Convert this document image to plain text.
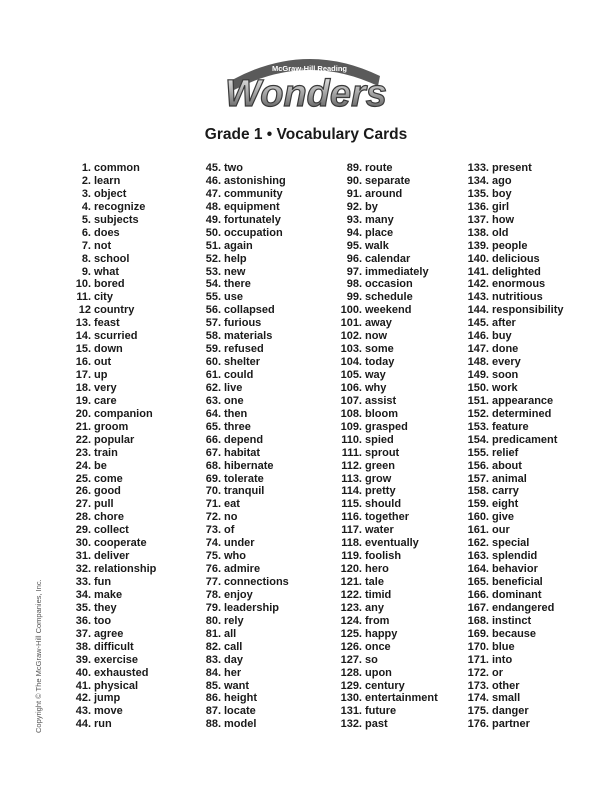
McGraw-Hill Reading
Wonders
Grade 1 • Vocabulary Cards
1. common
2. learn
3. object
4. recognize
5. subjects
6. does
7. not
8. school
9. what
10. bored
11. city
12 country
13. feast
14. scurried
15. down
16. out
17. up
18. very
19. care
20. companion
21. groom
22. popular
23. train
24. be
25. come
26. good
27. pull
28. chore
29. collect
30. cooperate
31. deliver
32. relationship
33. fun
34. make
35. they
36. too
37. agree
38. difficult
39. exercise
40. exhausted
41. physical
42. jump
43. move
44. run
45. two
46. astonishing
47. community
48. equipment
49. fortunately
50. occupation
51. again
52. help
53. new
54. there
55. use
56. collapsed
57. furious
58. materials
59. refused
60. shelter
61. could
62. live
63. one
64. then
65. three
66. depend
67. habitat
68. hibernate
69. tolerate
70. tranquil
71. eat
72. no
73. of
74. under
75. who
76. admire
77. connections
78. enjoy
79. leadership
80. rely
81. all
82. call
83. day
84. her
85. want
86. height
87. locate
88. model
89. route
90. separate
91. around
92. by
93. many
94. place
95. walk
96. calendar
97. immediately
98. occasion
99. schedule
100. weekend
101. away
102. now
103. some
104. today
105. way
106. why
107. assist
108. bloom
109. grasped
110. spied
111. sprout
112. green
113. grow
114. pretty
115. should
116. together
117. water
118. eventually
119. foolish
120. hero
121. tale
122. timid
123. any
124. from
125. happy
126. once
127. so
128. upon
129. century
130. entertainment
131. future
132. past
133. present
134. ago
135. boy
136. girl
137. how
138. old
139. people
140. delicious
141. delighted
142. enormous
143. nutritious
144. responsibility
145. after
146. buy
147. done
148. every
149. soon
150. work
151. appearance
152. determined
153. feature
154. predicament
155. relief
156. about
157. animal
158. carry
159. eight
160. give
161. our
162. special
163. splendid
164. behavior
165. beneficial
166. dominant
167. endangered
168. instinct
169. because
170. blue
171. into
172. or
173. other
174. small
175. danger
176. partner
Copyright © The McGraw-Hill Companies, Inc.
